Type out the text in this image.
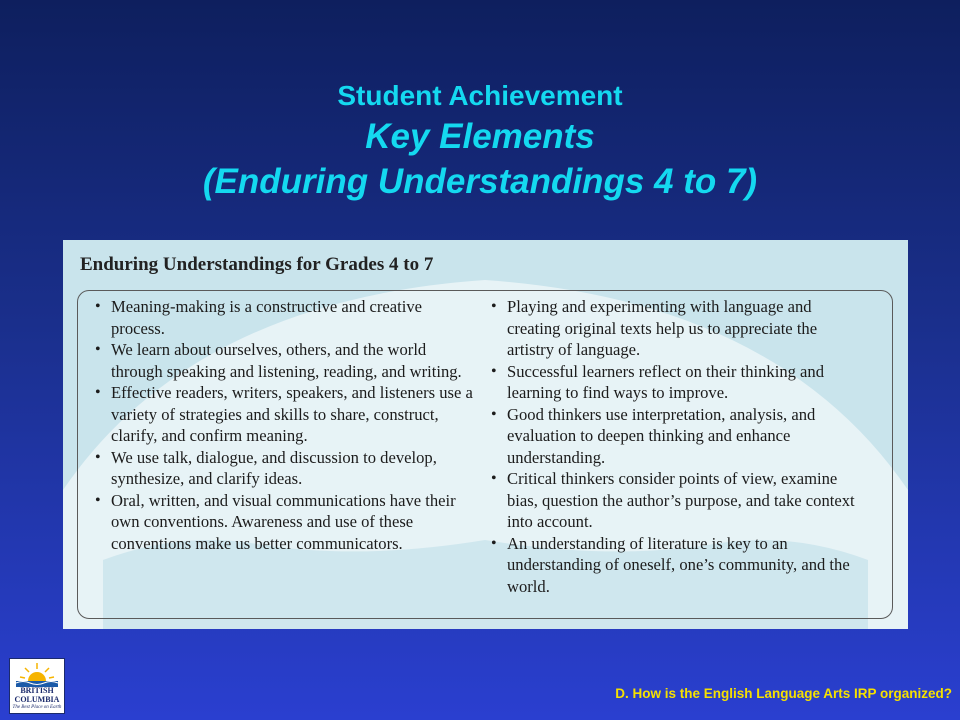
Student Achievement
Key Elements
(Enduring Understandings 4 to 7)
Enduring Understandings for Grades 4 to 7
• Meaning-making is a constructive and creative process.
• We learn about ourselves, others, and the world through speaking and listening, reading, and writing.
• Effective readers, writers, speakers, and listeners use a variety of strategies and skills to share, construct, clarify, and confirm meaning.
• We use talk, dialogue, and discussion to develop, synthesize, and clarify ideas.
• Oral, written, and visual communications have their own conventions. Awareness and use of these conventions make us better communicators.
• Playing and experimenting with language and creating original texts help us to appreciate the artistry of language.
• Successful learners reflect on their thinking and learning to find ways to improve.
• Good thinkers use interpretation, analysis, and evaluation to deepen thinking and enhance understanding.
• Critical thinkers consider points of view, examine bias, question the author’s purpose, and take context into account.
• An understanding of literature is key to an understanding of oneself, one’s community, and the world.
BRITISH
COLUMBIA
The Best Place on Earth
D. How is the English Language Arts IRP organized?
